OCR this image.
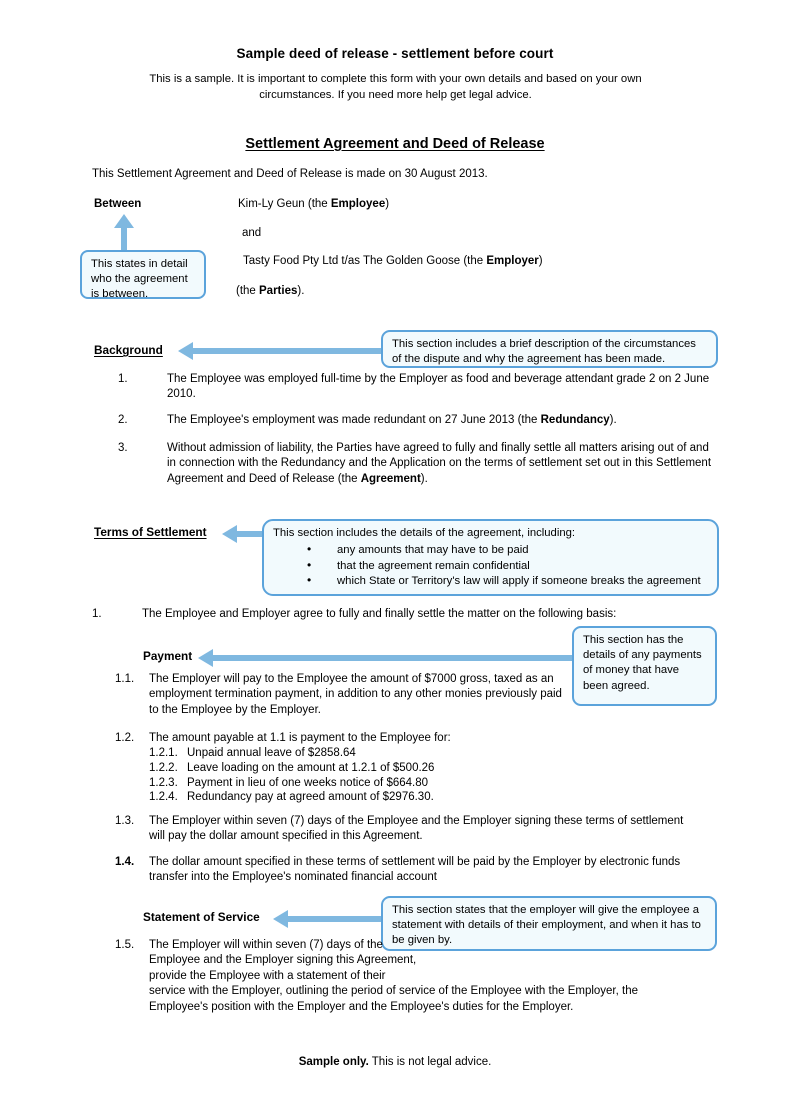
Sample deed of release - settlement before court
This is a sample. It is important to complete this form with your own details and based on your own circumstances. If you need more help get legal advice.
Settlement Agreement and Deed of Release
This Settlement Agreement and Deed of Release is made on 30 August 2013.
Between	Kim-Ly Geun (the Employee)
and
Tasty Food Pty Ltd t/as The Golden Goose (the Employer)
(the Parties).
This states in detail who the agreement is between.
Background	This section includes a brief description of the circumstances of the dispute and why the agreement has been made.
1.	The Employee was employed full-time by the Employer as food and beverage attendant grade 2 on 2 June 2010.
2.	The Employee's employment was made redundant on 27 June 2013 (the Redundancy).
3.	Without admission of liability, the Parties have agreed to fully and finally settle all matters arising out of and in connection with the Redundancy and the Application on the terms of settlement set out in this Settlement Agreement and Deed of Release (the Agreement).
Terms of Settlement	This section includes the details of the agreement, including:
• any amounts that may have to be paid
• that the agreement remain confidential
• which State or Territory's law will apply if someone breaks the agreement
1.	The Employee and Employer agree to fully and finally settle the matter on the following basis:
Payment
This section has the details of any payments of money that have been agreed.
1.1.	The Employer will pay to the Employee the amount of $7000 gross, taxed as an employment termination payment, in addition to any other monies previously paid to the Employee by the Employer.
1.2.	The amount payable at 1.1 is payment to the Employee for:
1.2.1. Unpaid annual leave of $2858.64
1.2.2. Leave loading on the amount at 1.2.1 of $500.26
1.2.3. Payment in lieu of one weeks notice of $664.80
1.2.4. Redundancy pay at agreed amount of $2976.30.
1.3.	The Employer within seven (7) days of the Employee and the Employer signing these terms of settlement will pay the dollar amount specified in this Agreement.
1.4.	The dollar amount specified in these terms of settlement will be paid by the Employer by electronic funds transfer into the Employee's nominated financial account
Statement of Service	This section states that the employer will give the employee a statement with details of their employment, and when it has to be given by.
1.5.	The Employer will within seven (7) days of the Employee and the Employer signing this Agreement, provide the Employee with a statement of their service with the Employer, outlining the period of service of the Employee with the Employer, the Employee's position with the Employer and the Employee's duties for the Employer.
Sample only. This is not legal advice.
